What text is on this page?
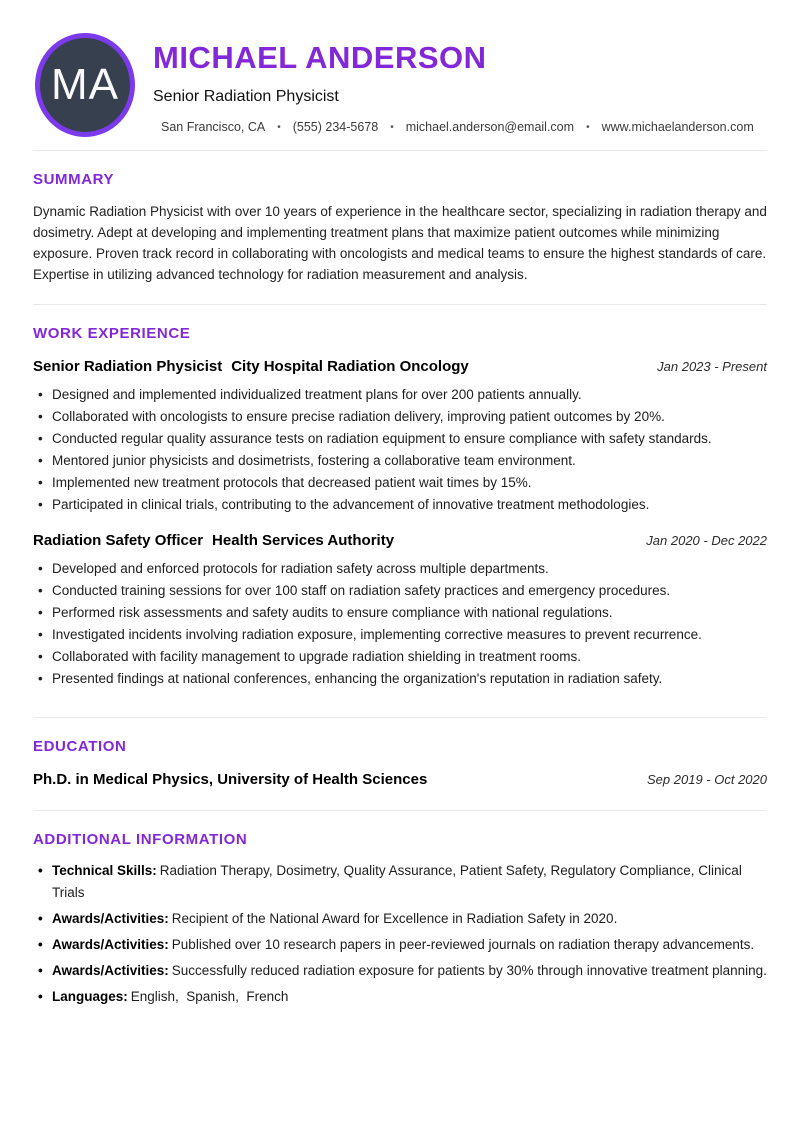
MA
MICHAEL ANDERSON
Senior Radiation Physicist
San Francisco, CA • (555) 234-5678 • michael.anderson@email.com • www.michaelanderson.com
SUMMARY

Dynamic Radiation Physicist with over 10 years of experience in the healthcare sector, specializing in radiation therapy and dosimetry. Adept at developing and implementing treatment plans that maximize patient outcomes while minimizing exposure. Proven track record in collaborating with oncologists and medical teams to ensure the highest standards of care. Expertise in utilizing advanced technology for radiation measurement and analysis.

WORK EXPERIENCE
Senior Radiation Physicist City Hospital Radiation Oncology	Jan 2023 - Present
• Designed and implemented individualized treatment plans for over 200 patients annually.
• Collaborated with oncologists to ensure precise radiation delivery, improving patient outcomes by 20%.
• Conducted regular quality assurance tests on radiation equipment to ensure compliance with safety standards.
• Mentored junior physicists and dosimetrists, fostering a collaborative team environment.
• Implemented new treatment protocols that decreased patient wait times by 15%.
• Participated in clinical trials, contributing to the advancement of innovative treatment methodologies.
Radiation Safety Officer Health Services Authority	Jan 2020 - Dec 2022
• Developed and enforced protocols for radiation safety across multiple departments.
• Conducted training sessions for over 100 staff on radiation safety practices and emergency procedures.
• Performed risk assessments and safety audits to ensure compliance with national regulations.
• Investigated incidents involving radiation exposure, implementing corrective measures to prevent recurrence.
• Collaborated with facility management to upgrade radiation shielding in treatment rooms.
• Presented findings at national conferences, enhancing the organization's reputation in radiation safety.
EDUCATION
Ph.D. in Medical Physics, University of Health Sciences	Sep 2019 - Oct 2020
ADDITIONAL INFORMATION
• Technical Skills: Radiation Therapy, Dosimetry, Quality Assurance, Patient Safety, Regulatory Compliance, Clinical Trials
• Awards/Activities: Recipient of the National Award for Excellence in Radiation Safety in 2020.
• Awards/Activities: Published over 10 research papers in peer-reviewed journals on radiation therapy advancements.
• Awards/Activities: Successfully reduced radiation exposure for patients by 30% through innovative treatment planning.
• Languages: English,  Spanish,  French
